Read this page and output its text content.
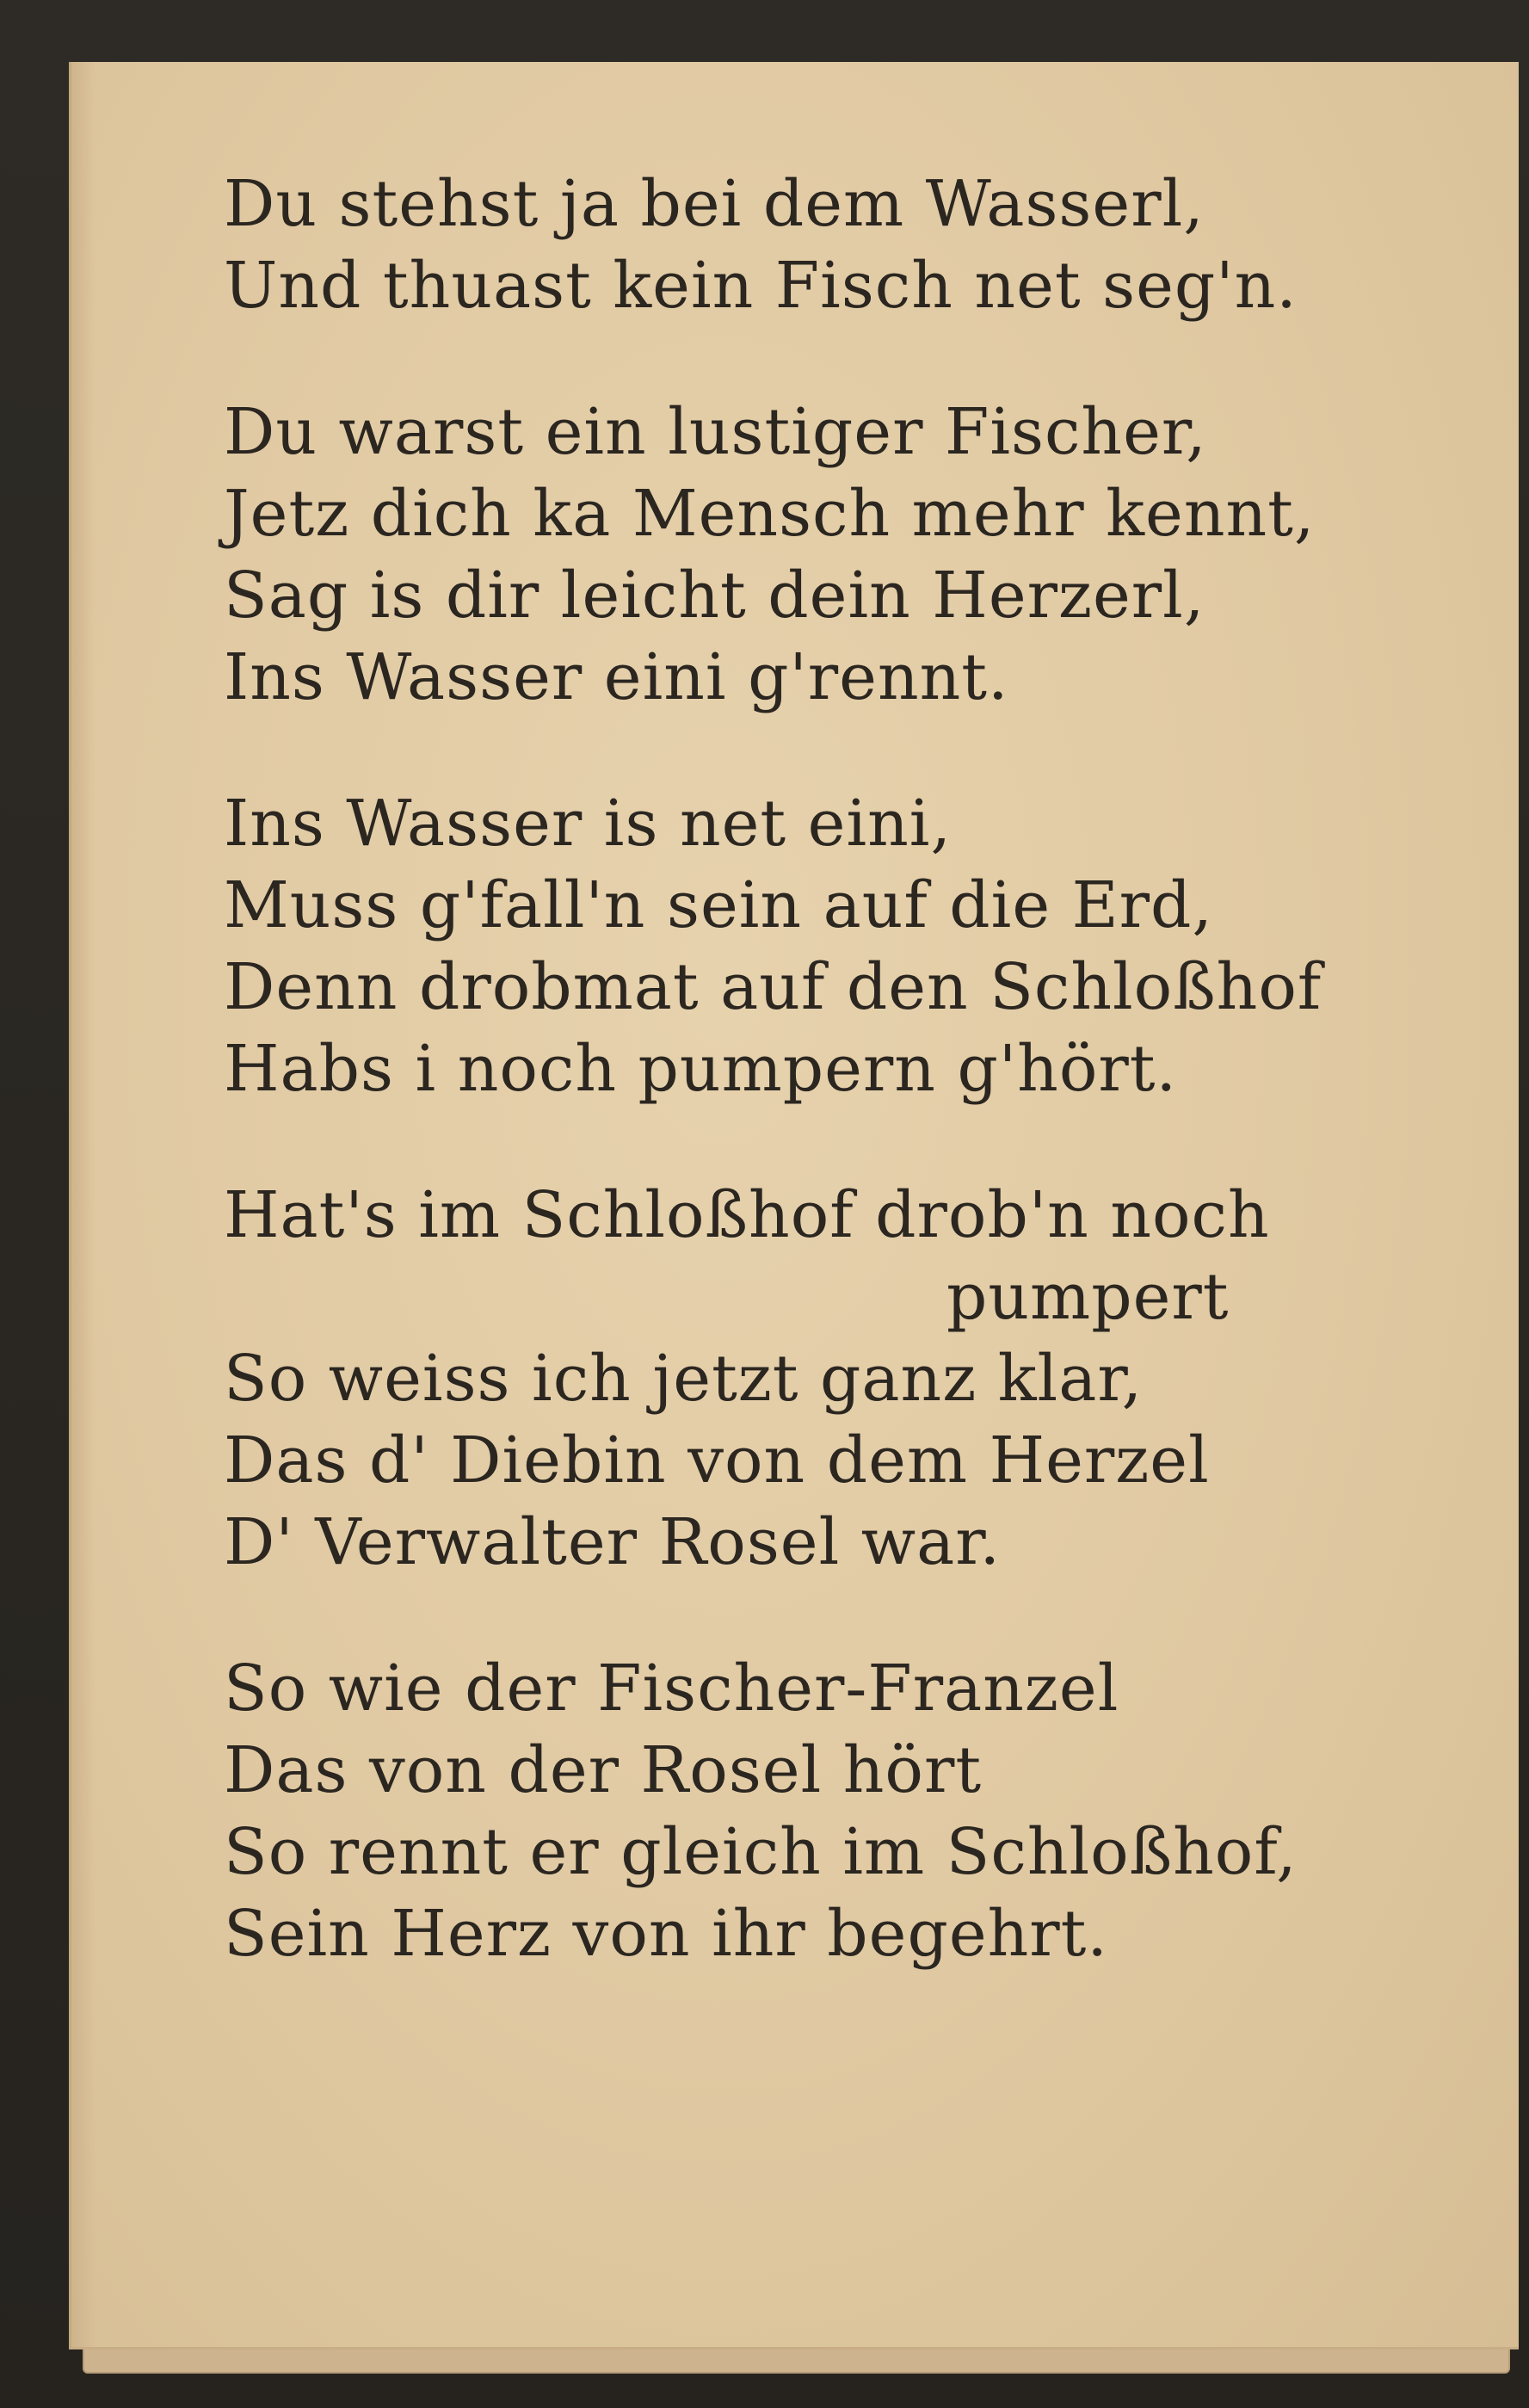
Du stehst ja bei dem Wasserl,
Und thuast kein Fisch net seg'n.
Du warst ein lustiger Fischer,
Jetz dich ka Mensch mehr kennt,
Sag is dir leicht dein Herzerl,
Ins Wasser eini g'rennt.
Ins Wasser is net eini,
Muss g'fall'n sein auf die Erd,
Denn drobmat auf den Schloßhof
Habs i noch pumpern g'hört.
Hat's im Schloßhof drob'n noch
pumpert
So weiss ich jetzt ganz klar,
Das d' Diebin von dem Herzel
D' Verwalter Rosel war.
So wie der Fischer-Franzel
Das von der Rosel hört
So rennt er gleich im Schloßhof,
Sein Herz von ihr begehrt.
